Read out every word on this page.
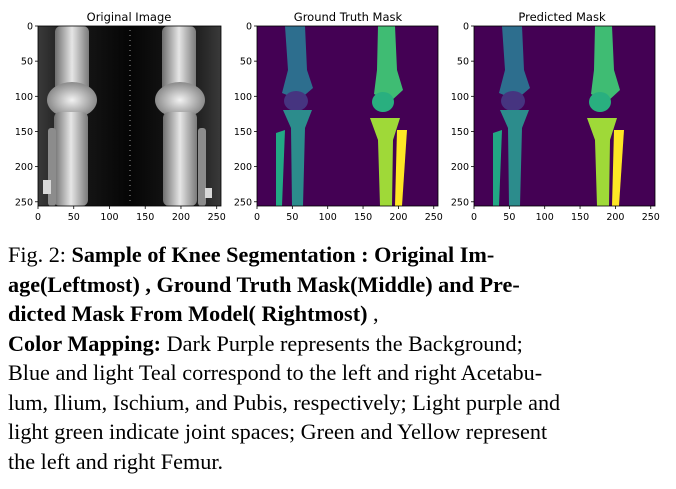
Original Image	Ground Truth Mask	Predicted Mask
0
50
100
150
200
250
0	50 100 150 200 250
0
50
100
150
200
250
0	50 100 150 200 250
0
50
100
150
200
250
0	50 100 150 200 250
Fig. 2: Sample of Knee Segmentation : Original Im-
age(Leftmost) , Ground Truth Mask(Middle) and Pre-
dicted Mask From Model( Rightmost) ,
Color Mapping: Dark Purple represents the Background;
Blue and light Teal correspond to the left and right Acetabu-
lum, Ilium, Ischium, and Pubis, respectively; Light purple and
light green indicate joint spaces; Green and Yellow represent
the left and right Femur.
